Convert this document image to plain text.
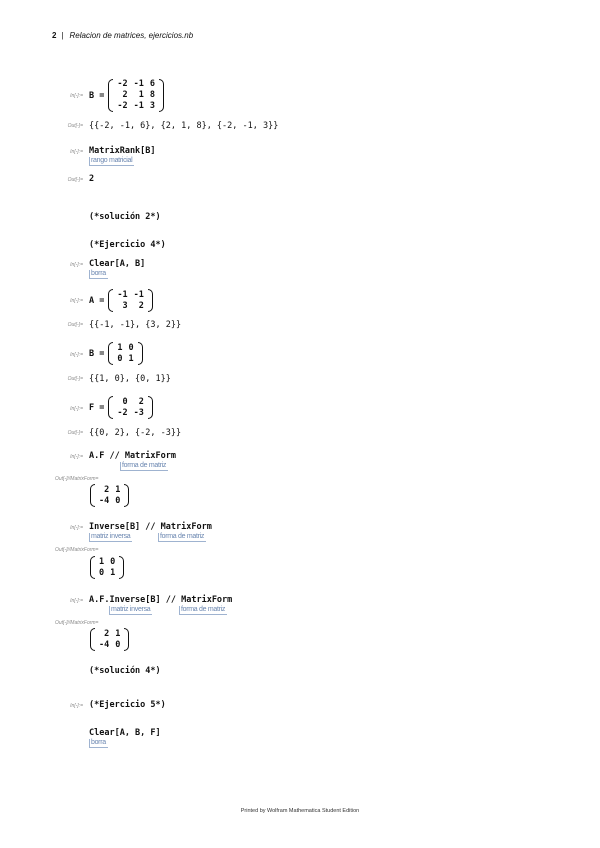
2 | Relacion de matrices, ejercicios.nb
In[-]:= B =
-2	-1	6
2	1	8
-2	-1	3
Out[-]= {{-2, -1, 6}, {2, 1, 8}, {-2, -1, 3}}
In[-]:= MatrixRank[B]
rango matricial
Out[-]= 2
(*solución 2*)
(*Ejercicio 4*)
In[-]:= Clear[A, B]
borra
In[-]:= A =
-1	-1
3	2
Out[-]= {{-1, -1}, {3, 2}}
In[-]:= B =
1	0
0	1
Out[-]= {{1, 0}, {0, 1}}
In[-]:= F =
0	2
-2	-3
Out[-]= {{0, 2}, {-2, -3}}
In[-]:= A.F // MatrixForm
forma de matriz
Out[-]//MatrixForm=
2	1
-4	0
In[-]:= Inverse[B] // MatrixForm
matriz inversa	forma de matriz
Out[-]//MatrixForm=
1	0
0	1
In[-]:= A.F.Inverse[B] // MatrixForm
matriz inversa	forma de matriz
Out[-]//MatrixForm=
2	1
-4	0
(*solución 4*)
In[-]:= (*Ejercicio 5*)
Clear[A, B, F]
borra
Printed by Wolfram Mathematica Student Edition
